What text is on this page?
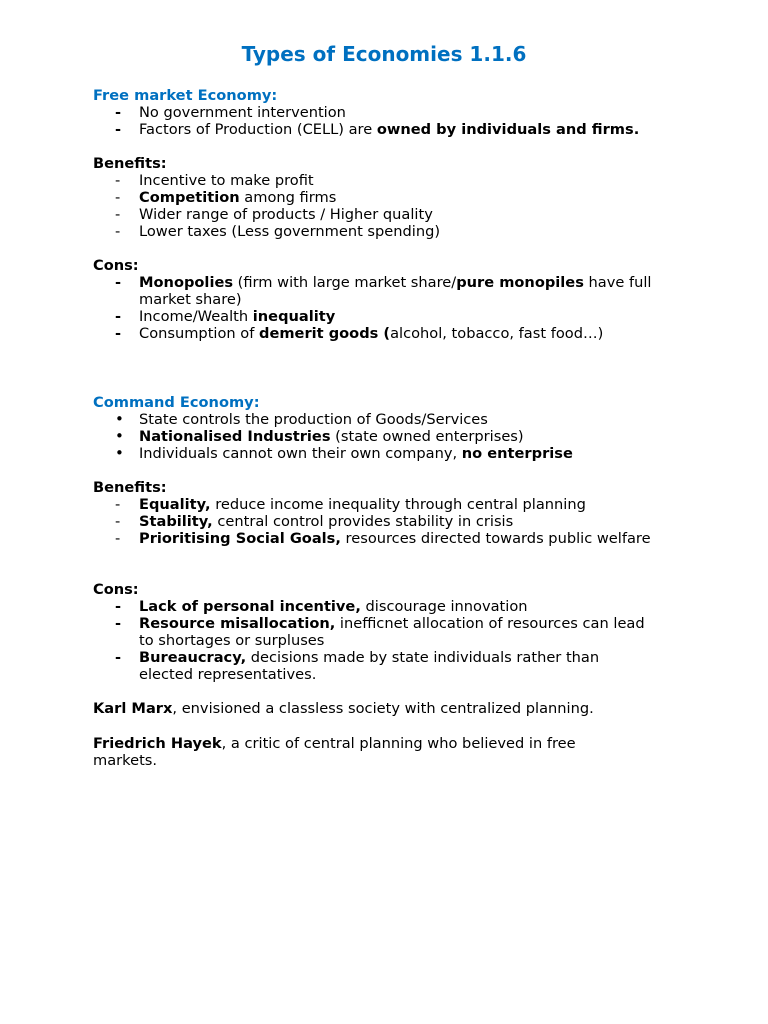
Types of Economies 1.1.6
Free market Economy:
-	No government intervention
-	Factors of Production (CELL) are owned by individuals and firms.
Benefits:
-	Incentive to make profit
-	Competition among firms
-	Wider range of products / Higher quality
-	Lower taxes (Less government spending)
Cons:
-	Monopolies (firm with large market share/pure monopiles have full market share)
-	Income/Wealth inequality
-	Consumption of demerit goods (alcohol, tobacco, fast food…)
Command Economy:
•	State controls the production of Goods/Services
•	Nationalised Industries (state owned enterprises)
•	Individuals cannot own their own company, no enterprise
Benefits:
-	Equality, reduce income inequality through central planning
-	Stability, central control provides stability in crisis
-	Prioritising Social Goals, resources directed towards public welfare
Cons:
-	Lack of personal incentive, discourage innovation
-	Resource misallocation, inefficnet allocation of resources can lead to shortages or surpluses
-	Bureaucracy, decisions made by state individuals rather than elected representatives.

Karl Marx, envisioned a classless society with centralized planning.

Friedrich Hayek, a critic of central planning who believed in free markets.
